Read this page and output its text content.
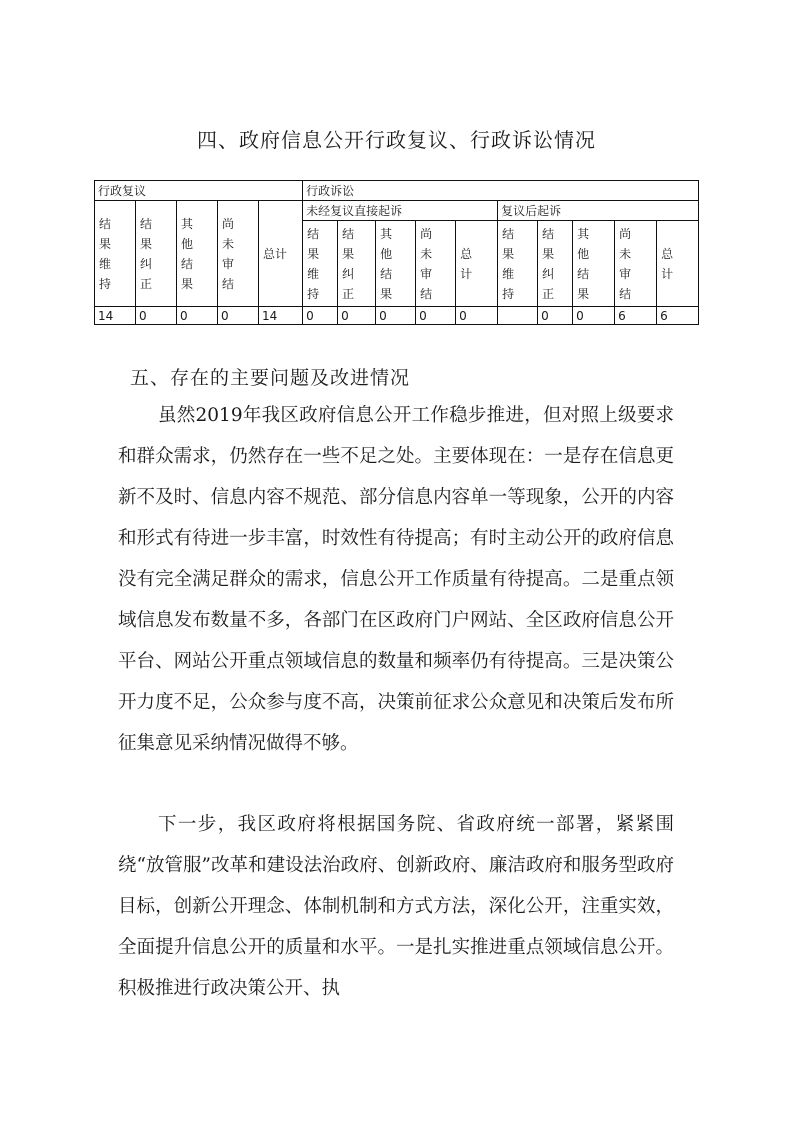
四、政府信息公开行政复议、行政诉讼情况
行政复议					行政诉讼									
结果维持	结果纠正	其他结果	尚未审结	总计	未经复议直接起诉					复议后起诉				
					结果维持	结果纠正	其他结果	尚未审结	总计	结果维持	结果纠正	其他结果	尚未审结	总计
14	0	0	0	14	0	0	0	0	0		0	0	6	6
五、存在的主要问题及改进情况
虽然2019年我区政府信息公开工作稳步推进，但对照上级要求和群众需求，仍然存在一些不足之处。主要体现在：一是存在信息更新不及时、信息内容不规范、部分信息内容单一等现象，公开的内容和形式有待进一步丰富，时效性有待提高；有时主动公开的政府信息没有完全满足群众的需求，信息公开工作质量有待提高。二是重点领域信息发布数量不多，各部门在区政府门户网站、全区政府信息公开平台、网站公开重点领域信息的数量和频率仍有待提高。三是决策公开力度不足，公众参与度不高，决策前征求公众意见和决策后发布所征集意见采纳情况做得不够。
下一步，我区政府将根据国务院、省政府统一部署，紧紧围绕“放管服”改革和建设法治政府、创新政府、廉洁政府和服务型政府目标，创新公开理念、体制机制和方式方法，深化公开，注重实效，全面提升信息公开的质量和水平。一是扎实推进重点领域信息公开。积极推进行政决策公开、执
